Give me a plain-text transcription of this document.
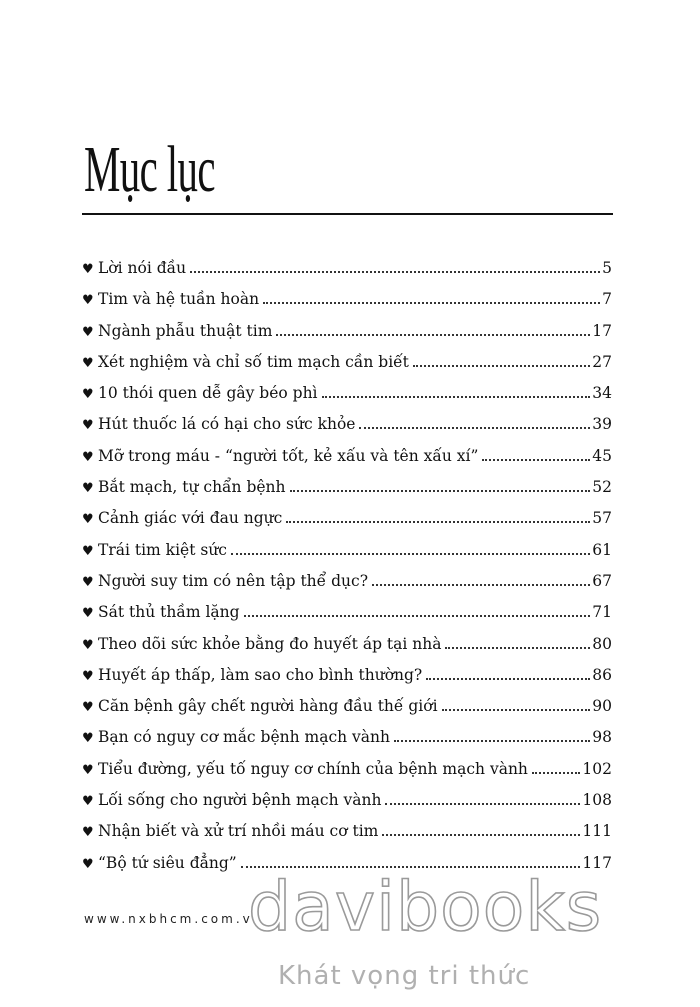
Mục lục
♥ Lời nói đầu	5
♥ Tim và hệ tuần hoàn	7
♥ Ngành phẫu thuật tim	17
♥ Xét nghiệm và chỉ số tim mạch cần biết	27
♥ 10 thói quen dễ gây béo phì	34
♥ Hút thuốc lá có hại cho sức khỏe	39
♥ Mỡ trong máu - “người tốt, kẻ xấu và tên xấu xí”	45
♥ Bắt mạch, tự chẩn bệnh	52
♥ Cảnh giác với đau ngực	57
♥ Trái tim kiệt sức	61
♥ Người suy tim có nên tập thể dục?	67
♥ Sát thủ thầm lặng	71
♥ Theo dõi sức khỏe bằng đo huyết áp tại nhà	80
♥ Huyết áp thấp, làm sao cho bình thường?	86
♥ Căn bệnh gây chết người hàng đầu thế giới	90
♥ Bạn có nguy cơ mắc bệnh mạch vành	98
♥ Tiểu đường, yếu tố nguy cơ chính của bệnh mạch vành	102
♥ Lối sống cho người bệnh mạch vành	108
♥ Nhận biết và xử trí nhồi máu cơ tim	111
♥ “Bộ tứ siêu đẳng”	117
www.nxbhcm.com.vn
davibooks
Khát vọng tri thức
